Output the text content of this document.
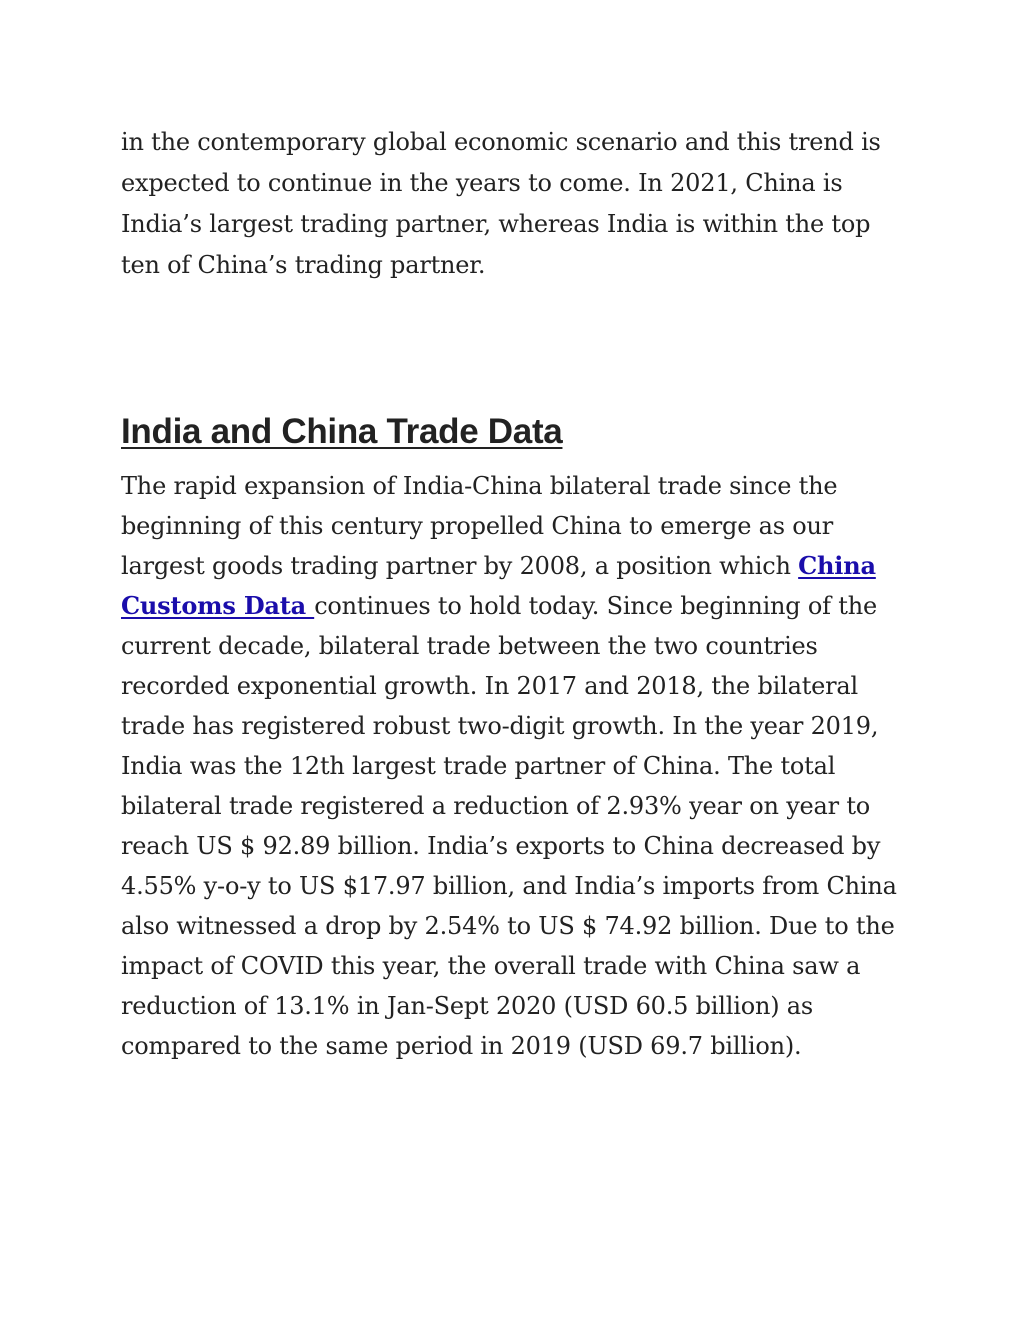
in the contemporary global economic scenario and this trend is expected to continue in the years to come. In 2021, China is India’s largest trading partner, whereas India is within the top ten of China’s trading partner.

India and China Trade Data

The rapid expansion of India-China bilateral trade since the beginning of this century propelled China to emerge as our largest goods trading partner by 2008, a position which China Customs Data continues to hold today. Since beginning of the current decade, bilateral trade between the two countries recorded exponential growth. In 2017 and 2018, the bilateral trade has registered robust two-digit growth. In the year 2019, India was the 12th largest trade partner of China. The total bilateral trade registered a reduction of 2.93% year on year to reach US $ 92.89 billion. India’s exports to China decreased by 4.55% y-o-y to US $17.97 billion, and India’s imports from China also witnessed a drop by 2.54% to US $ 74.92 billion. Due to the impact of COVID this year, the overall trade with China saw a reduction of 13.1% in Jan-Sept 2020 (USD 60.5 billion) as compared to the same period in 2019 (USD 69.7 billion).
